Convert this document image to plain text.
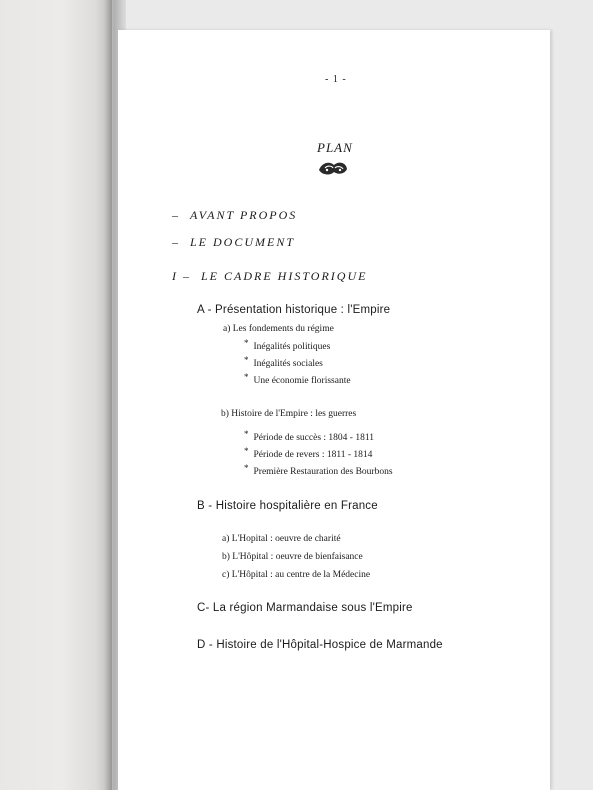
- 1 -
PLAN
– AVANT PROPOS
– LE DOCUMENT
I – LE CADRE HISTORIQUE
A - Présentation historique : l'Empire
a) Les fondements du régime
* Inégalités politiques
* Inégalités sociales
* Une économie florissante
b) Histoire de l'Empire : les guerres
* Période de succès : 1804 - 1811
* Période de revers : 1811 - 1814
* Première Restauration des Bourbons
B - Histoire hospitalière en France
a) L'Hopital : oeuvre de charité
b) L'Hôpital : oeuvre de bienfaisance
c) L'Hôpital : au centre de la Médecine
C- La région Marmandaise sous l'Empire
D - Histoire de l'Hôpital-Hospice de Marmande
